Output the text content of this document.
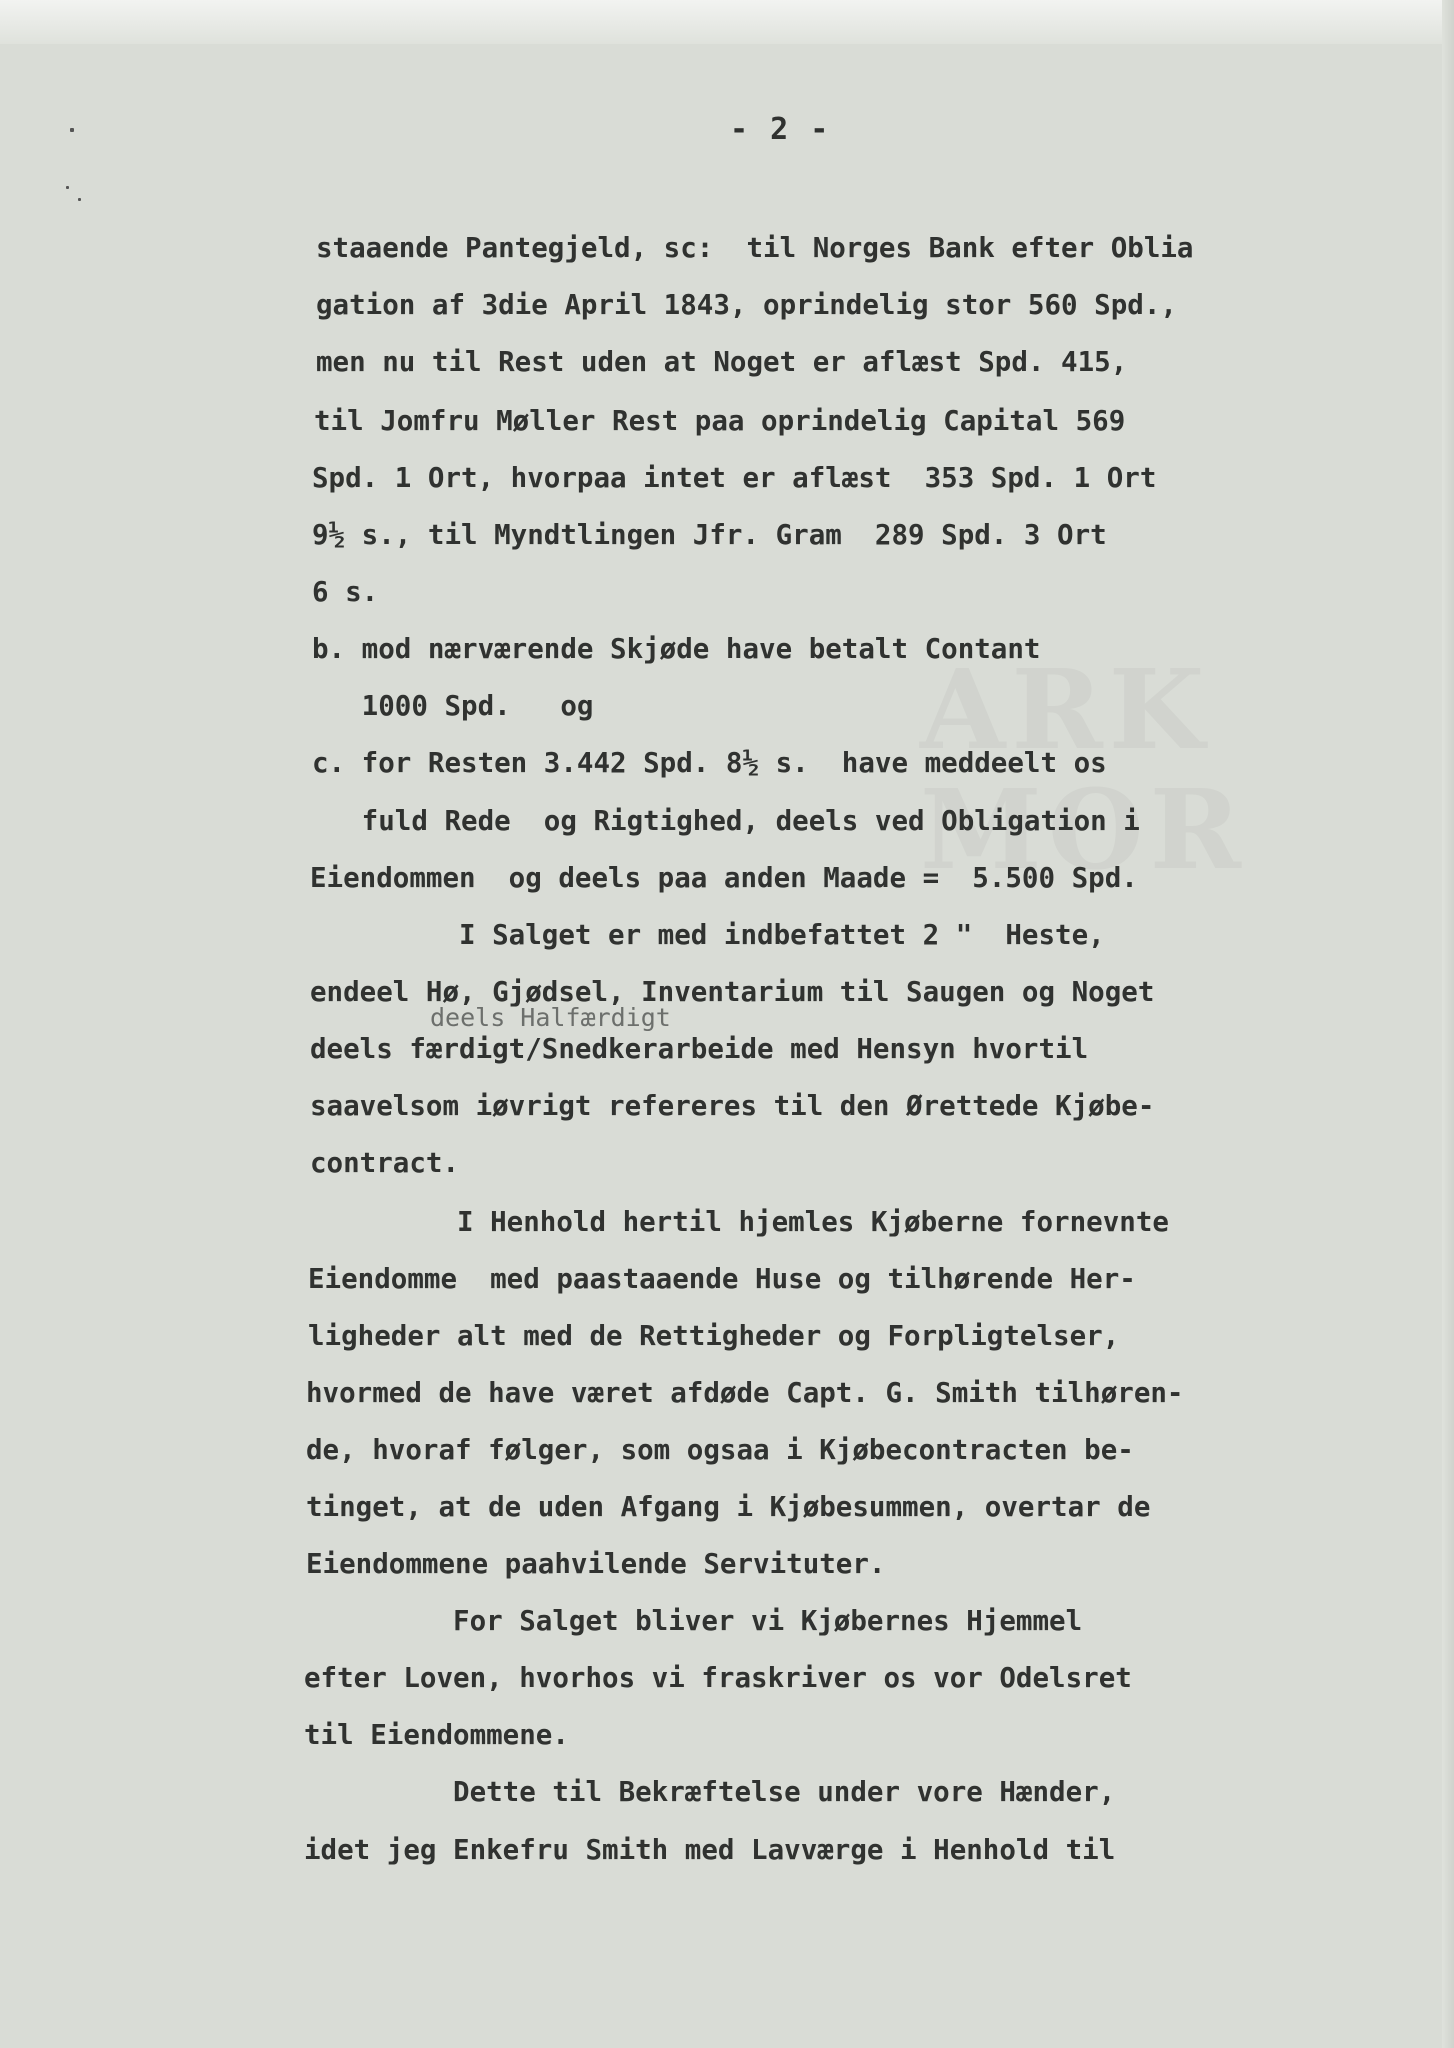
ARK
MOR
- 2 -
staaende Pantegjeld, sc:  til Norges Bank efter Oblia
gation af 3die April 1843, oprindelig stor 560 Spd.,
men nu til Rest uden at Noget er aflæst Spd. 415,
til Jomfru Møller Rest paa oprindelig Capital 569
Spd. 1 Ort, hvorpaa intet er aflæst  353 Spd. 1 Ort
9½ s., til Myndtlingen Jfr. Gram  289 Spd. 3 Ort
6 s.
b. mod nærværende Skjøde have betalt Contant
1000 Spd.   og
c. for Resten 3.442 Spd. 8½ s.  have meddeelt os
fuld Rede  og Rigtighed, deels ved Obligation i
Eiendommen  og deels paa anden Maade =  5.500 Spd.
I Salget er med indbefattet 2 "  Heste,
endeel Hø, Gjødsel, Inventarium til Saugen og Noget
deels Halfærdigt
deels færdigt/Snedkerarbeide med Hensyn hvortil
saavelsom iøvrigt refereres til den Ørettede Kjøbe-
contract.
I Henhold hertil hjemles Kjøberne fornevnte
Eiendomme  med paastaaende Huse og tilhørende Her-
ligheder alt med de Rettigheder og Forpligtelser,
hvormed de have været afdøde Capt. G. Smith tilhøren-
de, hvoraf følger, som ogsaa i Kjøbecontracten be-
tinget, at de uden Afgang i Kjøbesummen, overtar de
Eiendommene paahvilende Servituter.
For Salget bliver vi Kjøbernes Hjemmel
efter Loven, hvorhos vi fraskriver os vor Odelsret
til Eiendommene.
Dette til Bekræftelse under vore Hænder,
idet jeg Enkefru Smith med Lavværge i Henhold til
